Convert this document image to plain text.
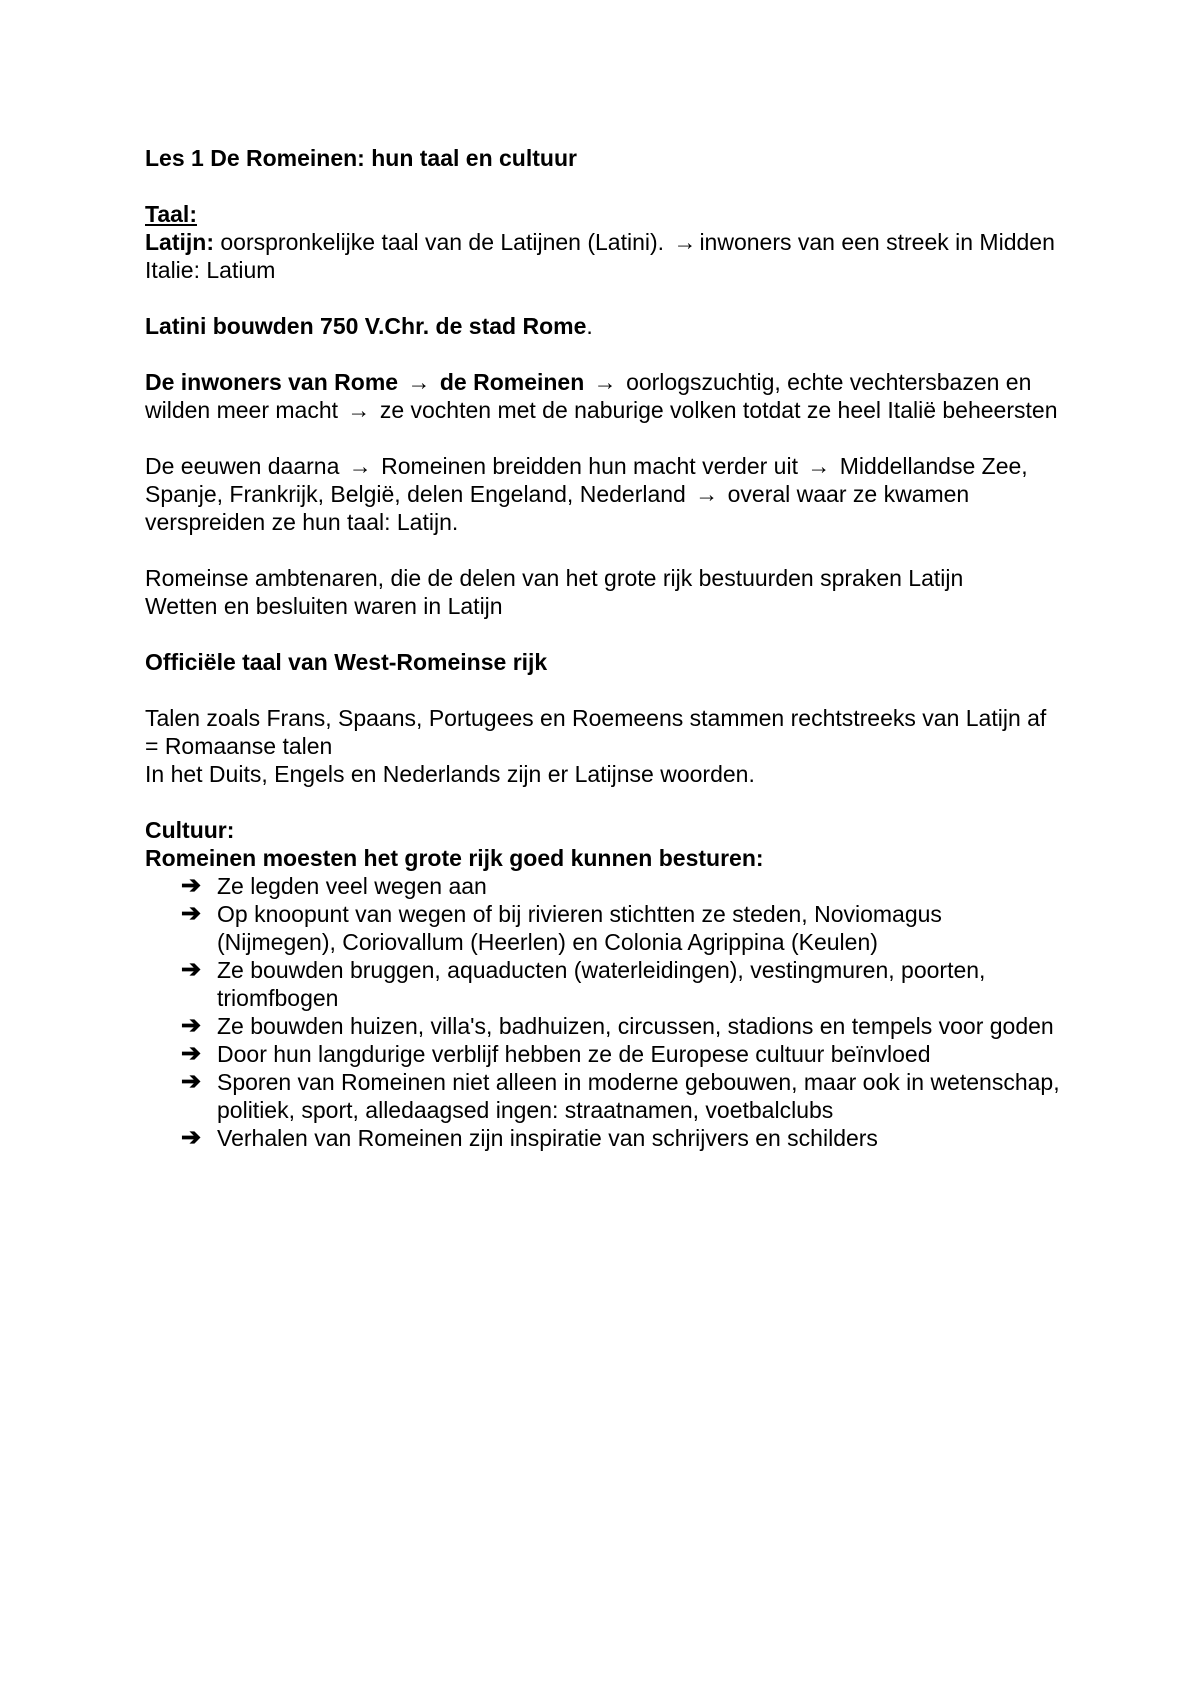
Les 1 De Romeinen: hun taal en cultuur

Taal:

Latijn: oorspronkelijke taal van de Latijnen (Latini). → inwoners van een streek in Midden Italie: Latium

Latini bouwden 750 V.Chr. de stad Rome.

De inwoners van Rome → de Romeinen → oorlogszuchtig, echte vechtersbazen en wilden meer macht → ze vochten met de naburige volken totdat ze heel Italië beheersten

De eeuwen daarna → Romeinen breidden hun macht verder uit → Middellandse Zee, Spanje, Frankrijk, België, delen Engeland, Nederland → overal waar ze kwamen verspreiden ze hun taal: Latijn.

Romeinse ambtenaren, die de delen van het grote rijk bestuurden spraken Latijn

Wetten en besluiten waren in Latijn

Officiële taal van West-Romeinse rijk

Talen zoals Frans, Spaans, Portugees en Roemeens stammen rechtstreeks van Latijn af = Romaanse talen

In het Duits, Engels en Nederlands zijn er Latijnse woorden.

Cultuur:

Romeinen moesten het grote rijk goed kunnen besturen:

➔ Ze legden veel wegen aan
➔ Op knoopunt van wegen of bij rivieren stichtten ze steden, Noviomagus (Nijmegen), Coriovallum (Heerlen) en Colonia Agrippina (Keulen)
➔ Ze bouwden bruggen, aquaducten (waterleidingen), vestingmuren, poorten, triomfbogen
➔ Ze bouwden huizen, villa's, badhuizen, circussen, stadions en tempels voor goden
➔ Door hun langdurige verblijf hebben ze de Europese cultuur beïnvloed
➔ Sporen van Romeinen niet alleen in moderne gebouwen, maar ook in wetenschap, politiek, sport, alledaagsed ingen: straatnamen, voetbalclubs
➔ Verhalen van Romeinen zijn inspiratie van schrijvers en schilders
